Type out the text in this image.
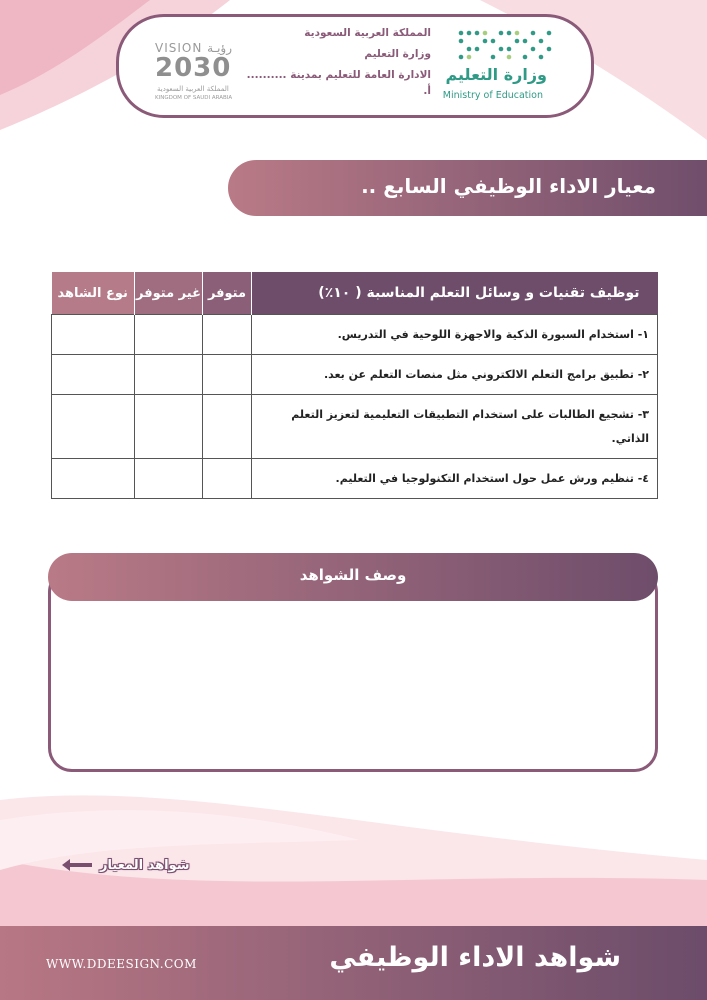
VISION رؤيـة
2030
المملكة العربية السعودية
KINGDOM OF SAUDI ARABIA
المملكة العربية السعودية
وزارة التعليم
الادارة العامة للتعليم بمدينة ..........
أ.
وزارة التعليم
Ministry of Education
معيار الاداء الوظيفي السابع ..
توظيف تقنيات و وسائل التعلم المناسبة ( ١٠٪)	متوفر	غير متوفر	نوع الشاهد
١- استخدام السبورة الذكية والاجهزة اللوحية في التدريس.			
٢- تطبيق برامج التعلم الالكتروني مثل منصات التعلم عن بعد.			
٣- تشجيع الطالبات على استخدام التطبيقات التعليمية لتعزيز التعلم الذاتي.			
٤- تنظيم ورش عمل حول استخدام التكنولوجيا في التعليم.			
وصف الشواهد
شواهد المعيار
WWW.DDEESIGN.COM	شواهد الاداء الوظيفي
